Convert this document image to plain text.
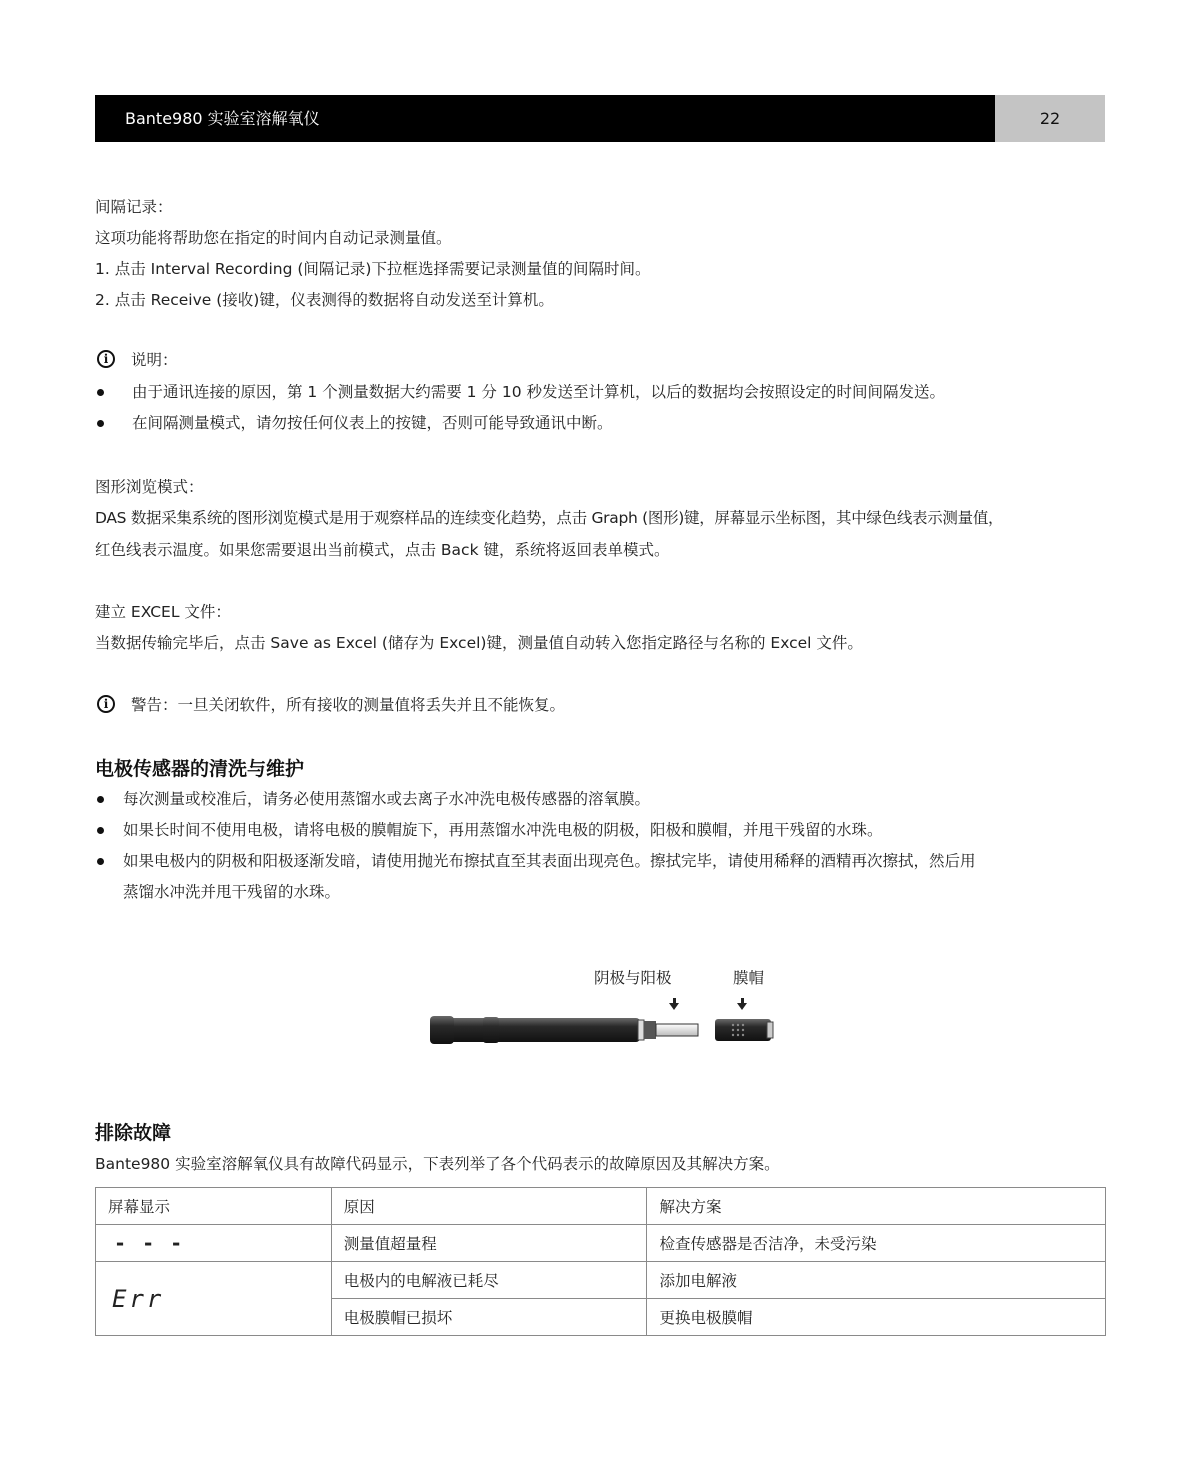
Bante980 实验室溶解氧仪	22
间隔记录：
这项功能将帮助您在指定的时间内自动记录测量值。
1. 点击 Interval Recording (间隔记录)下拉框选择需要记录测量值的间隔时间。
2. 点击 Receive (接收)键，仪表测得的数据将自动发送至计算机。
i	说明：
由于通讯连接的原因，第 1 个测量数据大约需要 1 分 10 秒发送至计算机，以后的数据均会按照设定的时间间隔发送。
在间隔测量模式，请勿按任何仪表上的按键，否则可能导致通讯中断。
图形浏览模式：
DAS 数据采集系统的图形浏览模式是用于观察样品的连续变化趋势，点击 Graph (图形)键，屏幕显示坐标图，其中绿色线表示测量值，
红色线表示温度。如果您需要退出当前模式，点击 Back 键，系统将返回表单模式。
建立 EXCEL 文件：
当数据传输完毕后，点击 Save as Excel (储存为 Excel)键，测量值自动转入您指定路径与名称的 Excel 文件。
i	警告：一旦关闭软件，所有接收的测量值将丢失并且不能恢复。
电极传感器的清洗与维护
每次测量或校准后，请务必使用蒸馏水或去离子水冲洗电极传感器的溶氧膜。
如果长时间不使用电极，请将电极的膜帽旋下，再用蒸馏水冲洗电极的阴极，阳极和膜帽，并甩干残留的水珠。
如果电极内的阴极和阳极逐渐发暗，请使用抛光布擦拭直至其表面出现亮色。擦拭完毕，请使用稀释的酒精再次擦拭，然后用
蒸馏水冲洗并甩干残留的水珠。
阴极与阳极	膜帽
排除故障
Bante980 实验室溶解氧仪具有故障代码显示，下表列举了各个代码表示的故障原因及其解决方案。
屏幕显示	原因	解决方案
- - -	测量值超量程	检查传感器是否洁净，未受污染
Err	电极内的电解液已耗尽	添加电解液
	电极膜帽已损坏	更换电极膜帽
